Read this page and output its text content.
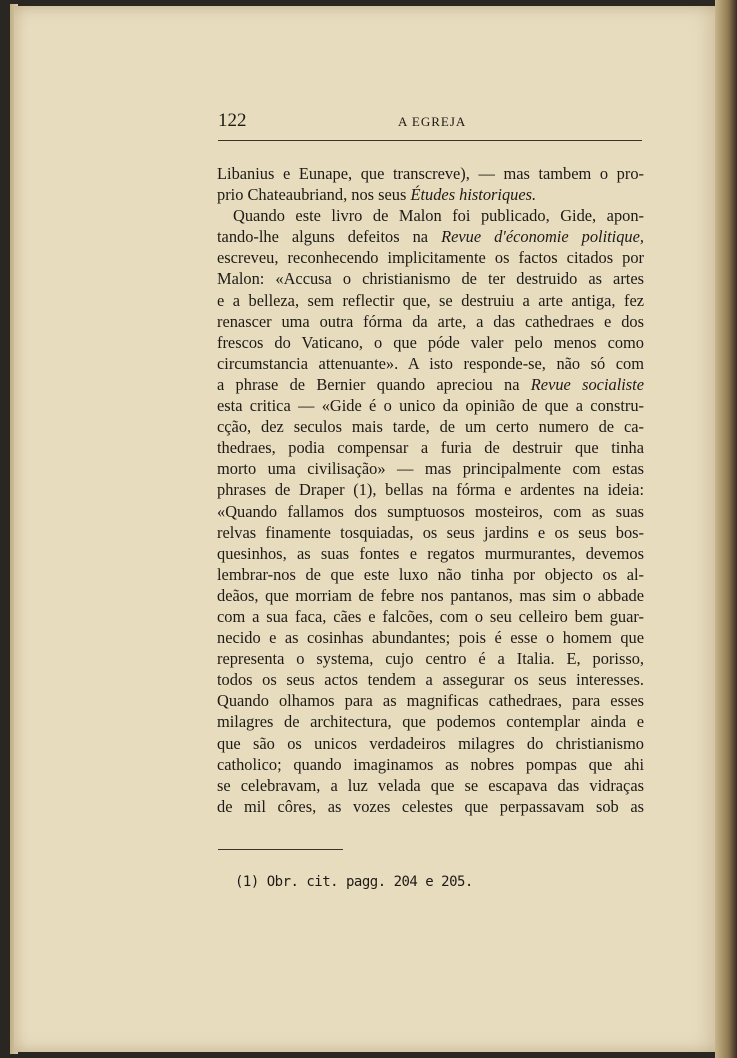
122	A EGREJA
Libanius e Eunape, que transcreve), — mas tambem o pro-
prio Chateaubriand, nos seus Études historiques.
Quando este livro de Malon foi publicado, Gide, apon-
tando-lhe alguns defeitos na Revue d'économie politique,
escreveu, reconhecendo implicitamente os factos citados por
Malon: «Accusa o christianismo de ter destruido as artes
e a belleza, sem reflectir que, se destruiu a arte antiga, fez
renascer uma outra fórma da arte, a das cathedraes e dos
frescos do Vaticano, o que póde valer pelo menos como
circumstancia attenuante». A isto responde-se, não só com
a phrase de Bernier quando apreciou na Revue socialiste
esta critica — «Gide é o unico da opinião de que a constru-
cção, dez seculos mais tarde, de um certo numero de ca-
thedraes, podia compensar a furia de destruir que tinha
morto uma civilisação» — mas principalmente com estas
phrases de Draper (1), bellas na fórma e ardentes na ideia:
«Quando fallamos dos sumptuosos mosteiros, com as suas
relvas finamente tosquiadas, os seus jardins e os seus bos-
quesinhos, as suas fontes e regatos murmurantes, devemos
lembrar-nos de que este luxo não tinha por objecto os al-
deãos, que morriam de febre nos pantanos, mas sim o abbade
com a sua faca, cães e falcões, com o seu celleiro bem guar-
necido e as cosinhas abundantes; pois é esse o homem que
representa o systema, cujo centro é a Italia. E, porisso,
todos os seus actos tendem a assegurar os seus interesses.
Quando olhamos para as magnificas cathedraes, para esses
milagres de architectura, que podemos contemplar ainda e
que são os unicos verdadeiros milagres do christianismo
catholico; quando imaginamos as nobres pompas que ahi
se celebravam, a luz velada que se escapava das vidraças
de mil côres, as vozes celestes que perpassavam sob as
(1) Obr. cit. pagg. 204 e 205.
